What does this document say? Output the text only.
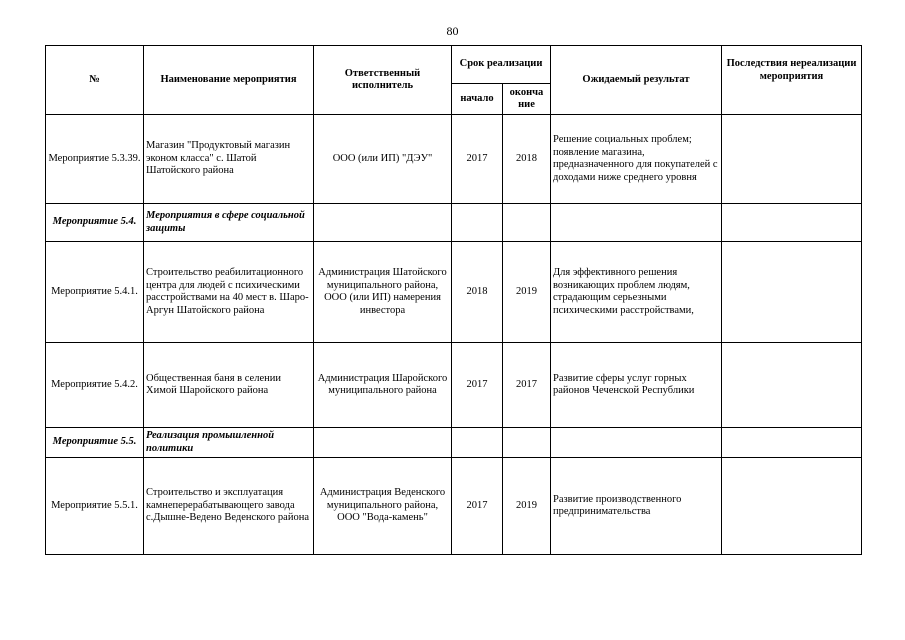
80
№	Наименование мероприятия	Ответственный исполнитель	Срок реализации		Ожидаемый результат	Последствия нереализации мероприятия
			начало	оконча ние		
Мероприятие 5.3.39.	Магазин "Продуктовый магазин эконом класса" с. Шатой Шатойского района	ООО (или ИП) "ДЭУ"	2017	2018	Решение социальных проблем; появление магазина, предназначенного для покупателей с доходами ниже среднего уровня	
Мероприятие 5.4.	Мероприятия в сфере социальной защиты					
Мероприятие 5.4.1.	Строительство реабилитационного центра для людей с психическими расстройствами на 40 мест в. Шаро-Аргун Шатойского района	Администрация Шатойского муниципального района, ООО (или ИП) намерения инвестора	2018	2019	Для эффективного решения возникающих проблем людям, страдающим серьезными психическими расстройствами,	
Мероприятие 5.4.2.	Общественная баня в селении Химой Шаройского района	Администрация Шаройского муниципального района	2017	2017	Развитие сферы услуг горных районов Чеченской Республики	
Мероприятие 5.5.	Реализация промышленной политики					
Мероприятие 5.5.1.	Строительство и эксплуатация камнеперерабатывающего завода с.Дышне-Ведено Веденского района	Администрация Веденского муниципального района, ООО "Вода-камень"	2017	2019	Развитие производственного предпринимательства	
